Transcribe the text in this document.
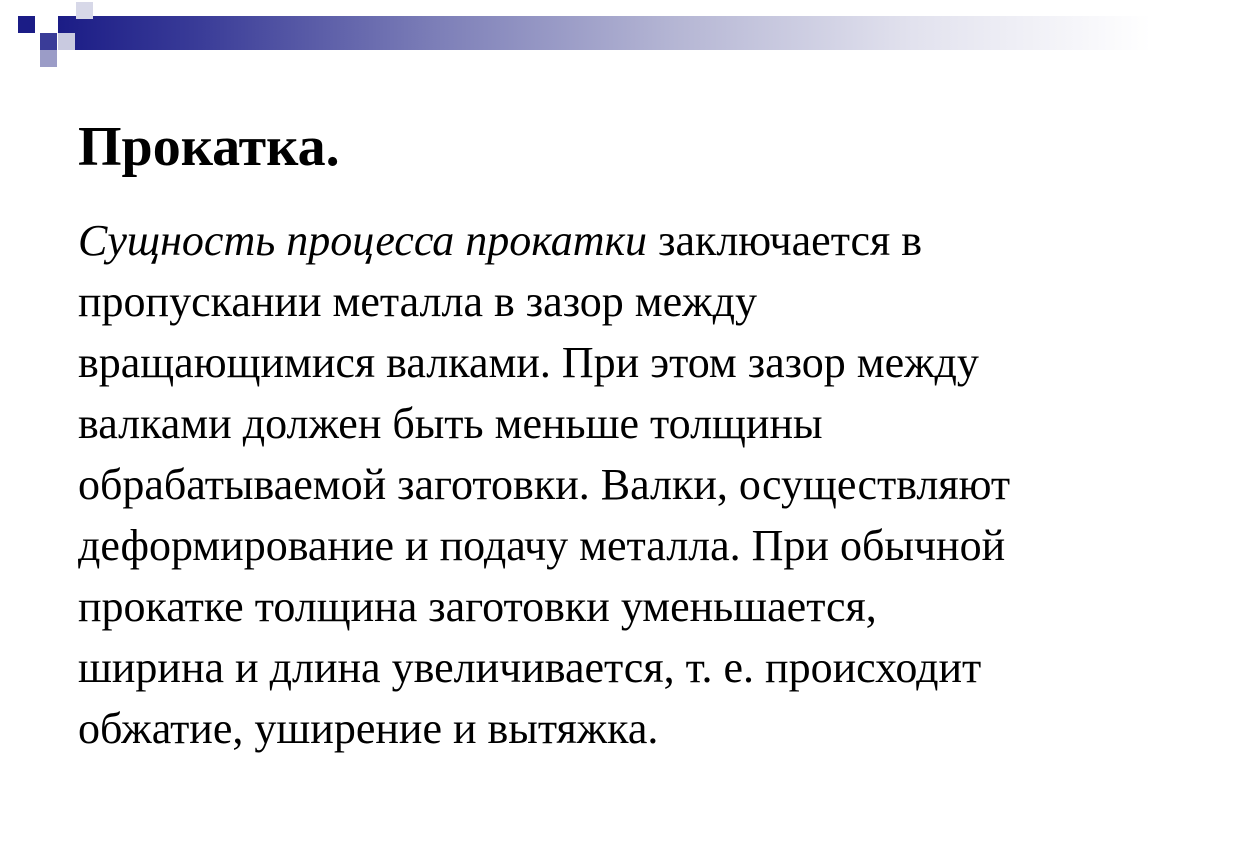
Прокатка.
Сущность процесса прокатки заключается в
пропускании металла в зазор между
вращающимися валками. При этом зазор между
валками должен быть меньше толщины
обрабатываемой заготовки. Валки, осуществляют
деформирование и подачу металла. При обычной
прокатке толщина заготовки уменьшается,
ширина и длина увеличивается, т. е. происходит
обжатие, уширение и вытяжка.
